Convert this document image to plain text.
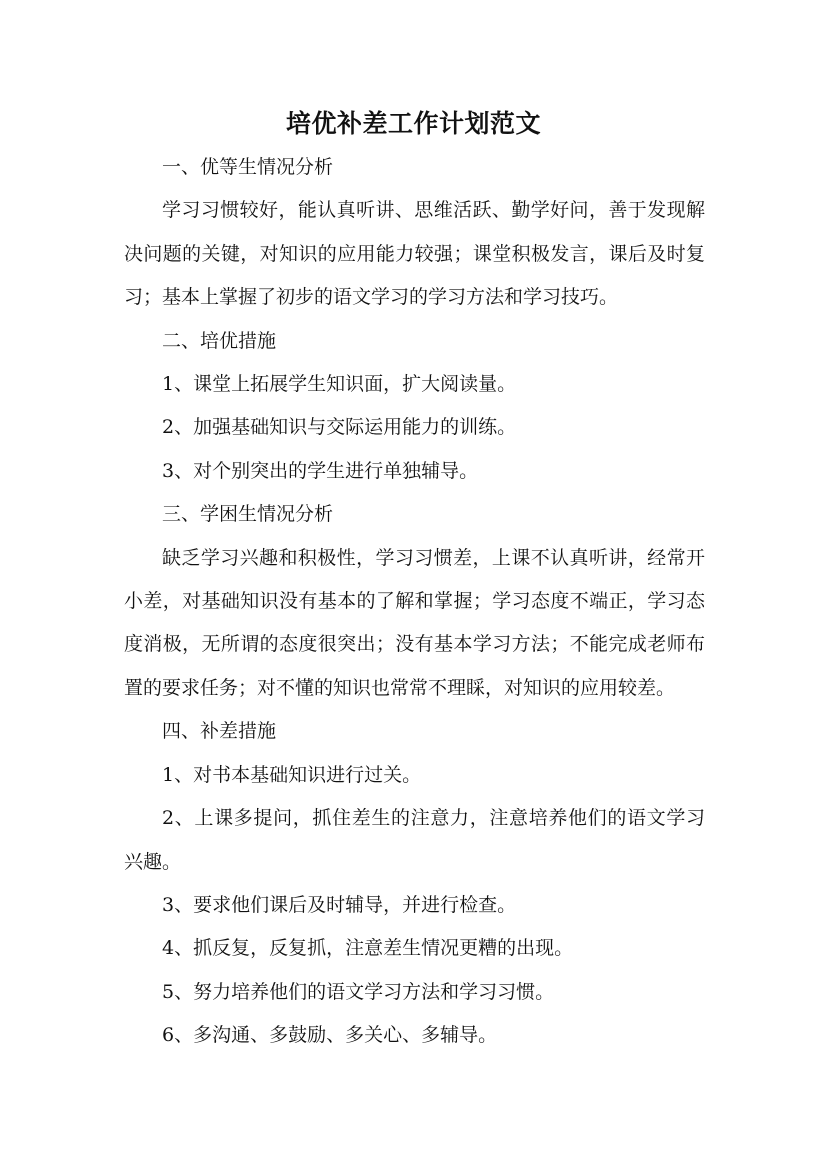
培优补差工作计划范文

一、优等生情况分析

学习习惯较好，能认真听讲、思维活跃、勤学好问，善于发现解决问题的关键，对知识的应用能力较强；课堂积极发言，课后及时复习；基本上掌握了初步的语文学习的学习方法和学习技巧。

二、培优措施

1、课堂上拓展学生知识面，扩大阅读量。

2、加强基础知识与交际运用能力的训练。

3、对个别突出的学生进行单独辅导。

三、学困生情况分析

缺乏学习兴趣和积极性，学习习惯差，上课不认真听讲，经常开小差，对基础知识没有基本的了解和掌握；学习态度不端正，学习态度消极，无所谓的态度很突出；没有基本学习方法；不能完成老师布置的要求任务；对不懂的知识也常常不理睬，对知识的应用较差。

四、补差措施

1、对书本基础知识进行过关。

2、上课多提问，抓住差生的注意力，注意培养他们的语文学习兴趣。

3、要求他们课后及时辅导，并进行检查。

4、抓反复，反复抓，注意差生情况更糟的出现。

5、努力培养他们的语文学习方法和学习习惯。

6、多沟通、多鼓励、多关心、多辅导。
